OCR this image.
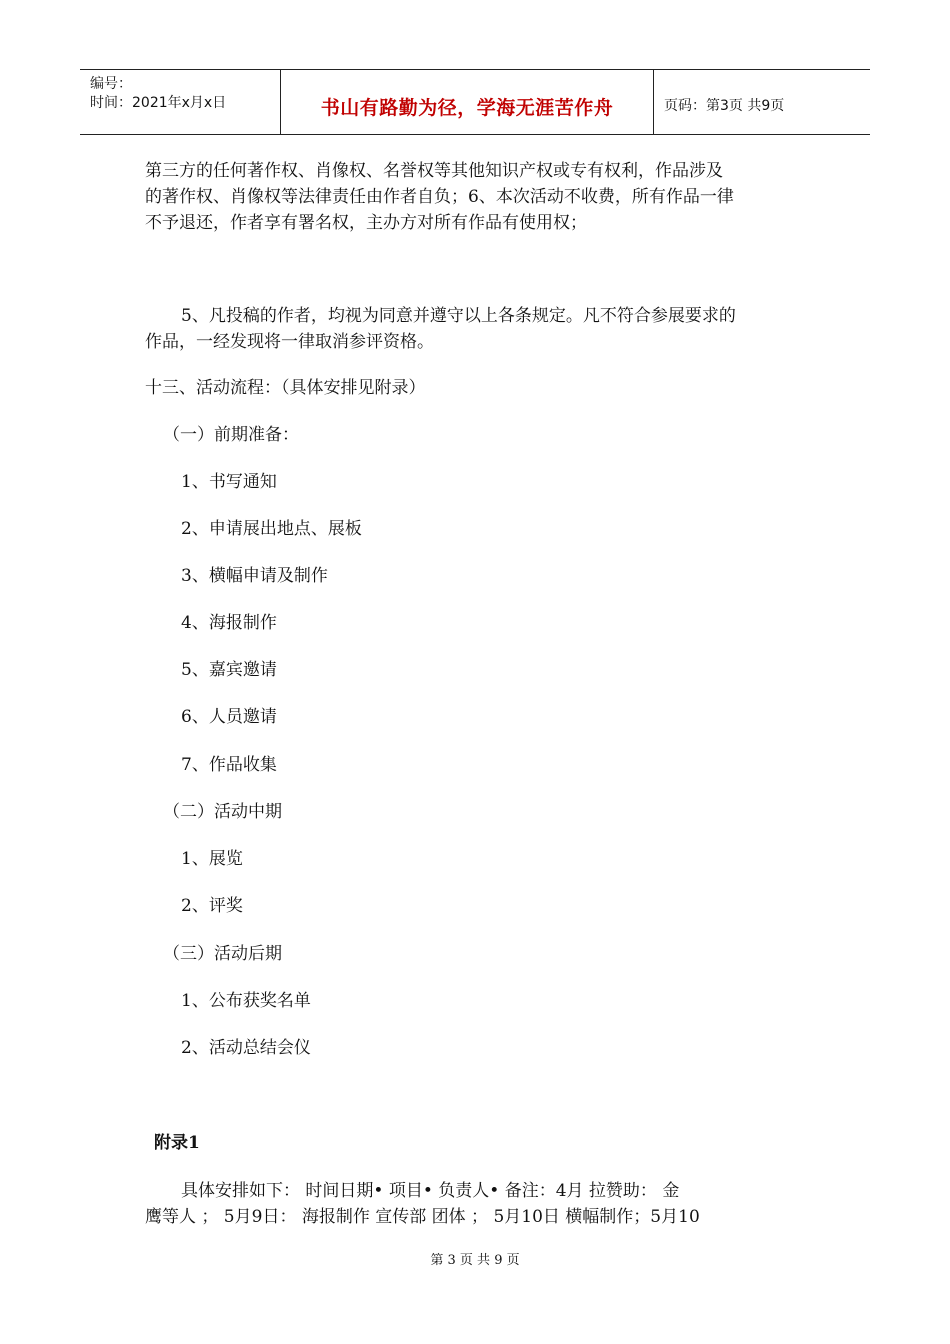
编号：
时间：2021年x月x日	书山有路勤为径，学海无涯苦作舟	页码：第3页 共9页
第三方的任何著作权、肖像权、名誉权等其他知识产权或专有权利，作品涉及
的著作权、肖像权等法律责任由作者自负；6、本次活动不收费，所有作品一律
不予退还，作者享有署名权，主办方对所有作品有使用权；
5、凡投稿的作者，均视为同意并遵守以上各条规定。凡不符合参展要求的
作品，一经发现将一律取消参评资格。
十三、活动流程：（具体安排见附录）
（一）前期准备：
1、书写通知
2、申请展出地点、展板
3、横幅申请及制作
4、海报制作
5、嘉宾邀请
6、人员邀请
7、作品收集
（二）活动中期
1、展览
2、评奖
（三）活动后期
1、公布获奖名单
2、活动总结会仪
附录1
具体安排如下： 时间日期• 项目• 负责人• 备注：4月 拉赞助： 金
鹰等人 ； 5月9日： 海报制作 宣传部 团体 ； 5月10日 横幅制作；5月10
第 3 页 共 9 页
